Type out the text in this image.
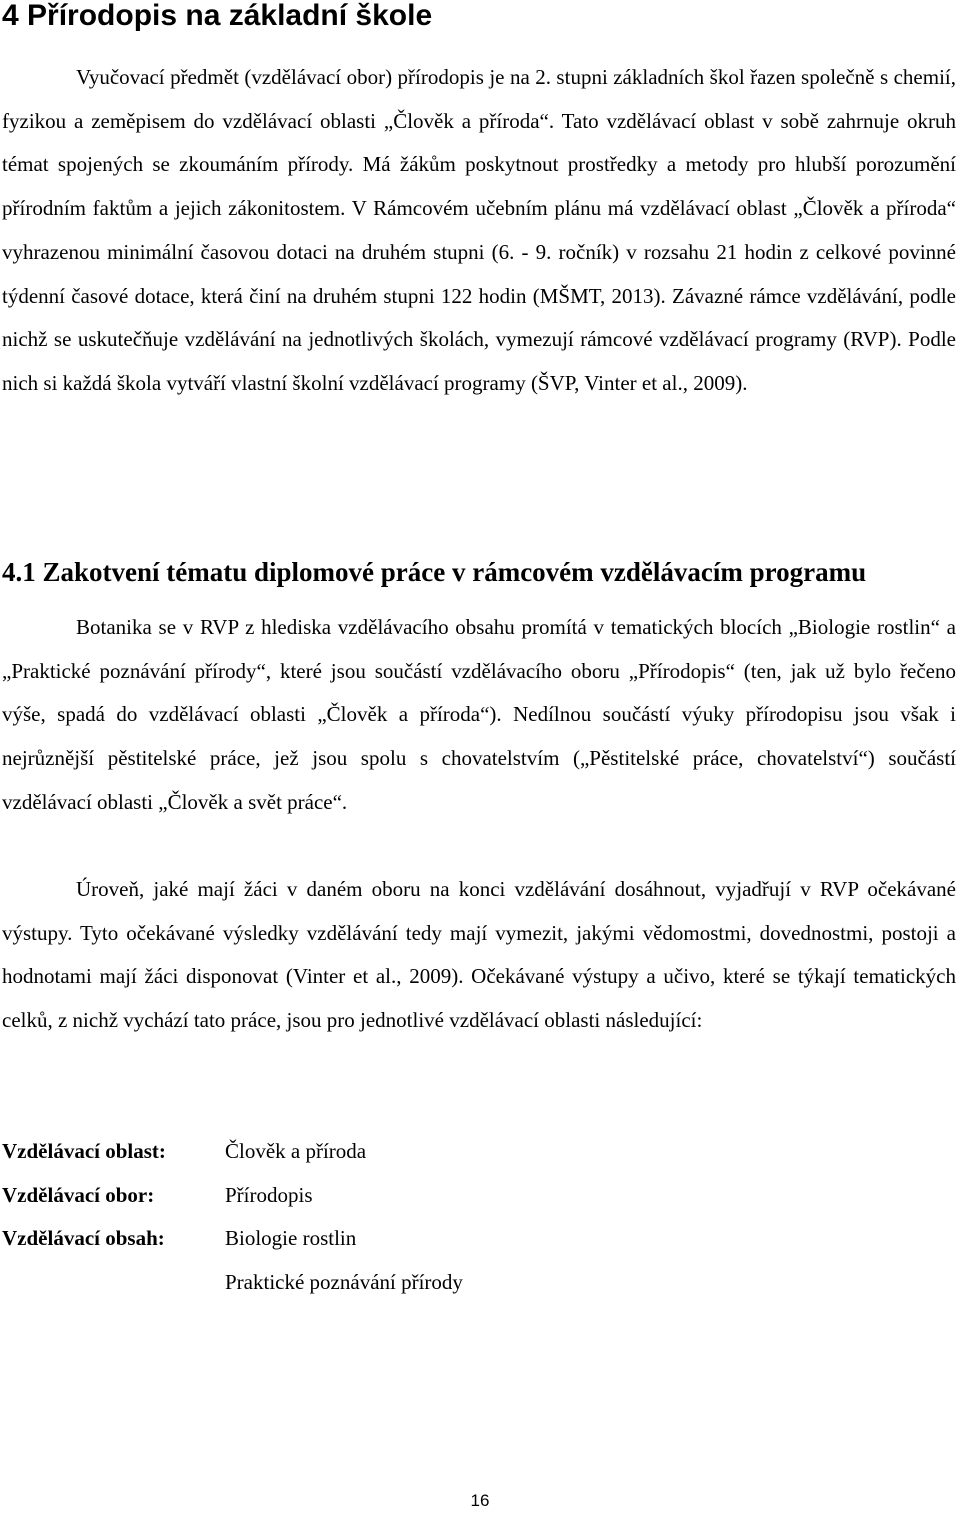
4 Přírodopis na základní škole

Vyučovací předmět (vzdělávací obor) přírodopis je na 2. stupni základních škol řazen společně s chemií, fyzikou a zeměpisem do vzdělávací oblasti „Člověk a příroda“. Tato vzdělávací oblast v sobě zahrnuje okruh témat spojených se zkoumáním přírody. Má žákům poskytnout prostředky a metody pro hlubší porozumění přírodním faktům a jejich zákonitostem. V Rámcovém učebním plánu má vzdělávací oblast „Člověk a příroda“ vyhrazenou minimální časovou dotaci na druhém stupni (6. - 9. ročník) v rozsahu 21 hodin z celkové povinné týdenní časové dotace, která činí na druhém stupni 122 hodin (MŠMT, 2013). Závazné rámce vzdělávání, podle nichž se uskutečňuje vzdělávání na jednotlivých školách, vymezují rámcové vzdělávací programy (RVP). Podle nich si každá škola vytváří vlastní školní vzdělávací programy (ŠVP, Vinter et al., 2009).

4.1 Zakotvení tématu diplomové práce v rámcovém vzdělávacím programu

Botanika se v RVP z hlediska vzdělávacího obsahu promítá v tematických blocích „Biologie rostlin“ a „Praktické poznávání přírody“, které jsou součástí vzdělávacího oboru „Přírodopis“ (ten, jak už bylo řečeno výše, spadá do vzdělávací oblasti „Člověk a příroda“). Nedílnou součástí výuky přírodopisu jsou však i nejrůznější pěstitelské práce, jež jsou spolu s chovatelstvím („Pěstitelské práce, chovatelství“) součástí vzdělávací oblasti „Člověk a svět práce“.

Úroveň, jaké mají žáci v daném oboru na konci vzdělávání dosáhnout, vyjadřují v RVP očekávané výstupy. Tyto očekávané výsledky vzdělávání tedy mají vymezit, jakými vědomostmi, dovednostmi, postoji a hodnotami mají žáci disponovat (Vinter et al., 2009). Očekávané výstupy a učivo, které se týkají tematických celků, z nichž vychází tato práce, jsou pro jednotlivé vzdělávací oblasti následující:

Vzdělávací oblast:	Člověk a příroda
Vzdělávací obor:	Přírodopis
Vzdělávací obsah:	Biologie rostlin
Praktické poznávání přírody
16
